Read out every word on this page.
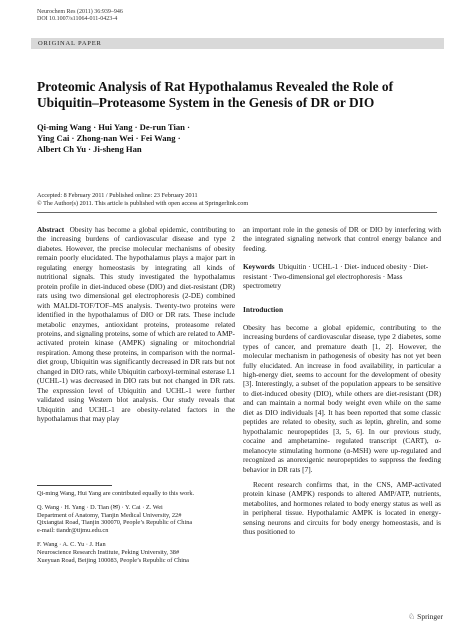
Neurochem Res (2011) 36:939–946
DOI 10.1007/s11064-011-0423-4
ORIGINAL PAPER
Proteomic Analysis of Rat Hypothalamus Revealed the Role of Ubiquitin–Proteasome System in the Genesis of DR or DIO
Qi-ming Wang · Hui Yang · De-run Tian ·
Ying Cai · Zhong-nan Wei · Fei Wang ·
Albert Ch Yu · Ji-sheng Han
Accepted: 8 February 2011 / Published online: 23 February 2011
© The Author(s) 2011. This article is published with open access at Springerlink.com

Abstract Obesity has become a global epidemic, contributing to the increasing burdens of cardiovascular disease and type 2 diabetes. However, the precise molecular mechanisms of obesity remain poorly elucidated. The hypothalamus plays a major part in regulating energy homeostasis by integrating all kinds of nutritional signals. This study investigated the hypothalamus protein profile in diet-induced obese (DIO) and diet-resistant (DR) rats using two dimensional gel electrophoresis (2-DE) combined with MALDI-TOF/TOF–MS analysis. Twenty-two proteins were identified in the hypothalamus of DIO or DR rats. These include metabolic enzymes, antioxidant proteins, proteasome related proteins, and signaling proteins, some of which are related to AMP-activated protein kinase (AMPK) signaling or mitochondrial respiration. Among these proteins, in comparison with the normal-diet group, Ubiquitin was significantly decreased in DR rats but not changed in DIO rats, while Ubiquitin carboxyl-terminal esterase L1 (UCHL-1) was decreased in DIO rats but not changed in DR rats. The expression level of Ubiquitin and UCHL-1 were further validated using Western blot analysis. Our study reveals that Ubiquitin and UCHL-1 are obesity-related factors in the hypothalamus that may play

Qi-ming Wang, Hui Yang are contributed equally to this work.

Q. Wang · H. Yang · D. Tian (✉) · Y. Cai · Z. Wei
Department of Anatomy, Tianjin Medical University, 22#
Qixiangtai Road, Tianjin 300070, People’s Republic of China
e-mail: tiandr@tijmu.edu.cn

F. Wang · A. C. Yu · J. Han
Neuroscience Research Institute, Peking University, 38#
Xueyuan Road, Beijing 100083, People’s Republic of China

an important role in the genesis of DR or DIO by interfering with the integrated signaling network that control energy balance and feeding.

Keywords Ubiquitin · UCHL-1 · Diet- induced obesity · Diet-resistant · Two-dimensional gel electrophoresis · Mass spectrometry

Introduction

Obesity has become a global epidemic, contributing to the increasing burdens of cardiovascular disease, type 2 diabetes, some types of cancer, and premature death [1, 2]. However, the molecular mechanism in pathogenesis of obesity has not yet been fully elucidated. An increase in food availability, in particular a high-energy diet, seems to account for the development of obesity [3]. Interestingly, a subset of the population appears to be sensitive to diet-induced obesity (DIO), while others are diet-resistant (DR) and can maintain a normal body weight even while on the same diet as DIO individuals [4]. It has been reported that some classic peptides are related to obesity, such as leptin, ghrelin, and some hypothalamic neuropeptides [3, 5, 6]. In our previous study, cocaine and amphetamine- regulated transcript (CART), α-melanocyte stimulating hormone (α-MSH) were up-regulated and recognized as anorexigenic neuropeptides to suppress the feeding behavior in DR rats [7].

Recent research confirms that, in the CNS, AMP-activated protein kinase (AMPK) responds to altered AMP/ATP, nutrients, metabolites, and hormones related to body energy status as well as in peripheral tissue. Hypothalamic AMPK is located in energy-sensing neurons and circuits for body energy homeostasis, and is thus positioned to

♘ Springer
